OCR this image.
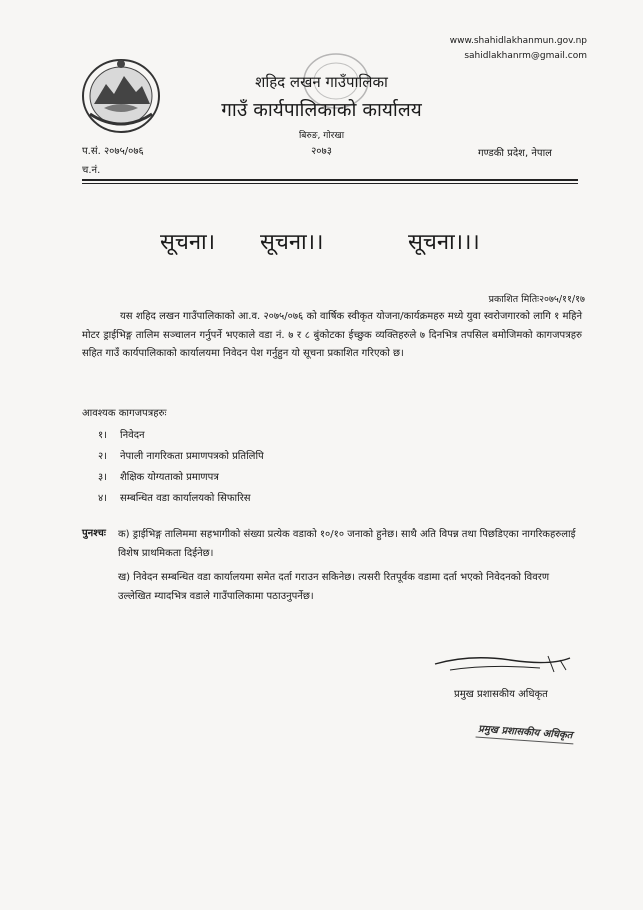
www.shahidlakhanmun.gov.np
sahidlakhanrm@gmail.com
शहिद लखन गाउँपालिका
गाउँ कार्यपालिकाको कार्यालय
बिरुङ, गोरखा
२०७३
प.सं. २०७५/०७६
च.नं.
गण्डकी प्रदेश, नेपाल
सूचना। सूचना।।	सूचना।।।
प्रकाशित मितिः२०७५/११/१७
यस शहिद लखन गाउँपालिकाको आ.व. २०७५/०७६ को वार्षिक स्वीकृत योजना/कार्यक्रमहरु मध्ये युवा स्वरोजगारको लागि १ महिने मोटर ड्राईभिङ्ग तालिम सञ्चालन गर्नुपर्ने भएकाले वडा नं. ७ र ८ बुंकोटका ईच्छुक व्यक्तिहरुले ७ दिनभित्र तपसिल बमोजिमको कागजपत्रहरु सहित गाउँ कार्यपालिकाको कार्यालयमा निवेदन पेश गर्नुहुन यो सूचना प्रकाशित गरिएको छ।
आवश्यक कागजपत्रहरुः
१। निवेदन
२। नेपाली नागरिकता प्रमाणपत्रको प्रतिलिपि
३। शैक्षिक योग्यताको प्रमाणपत्र
४। सम्बन्धित वडा कार्यालयको सिफारिस
पुनश्चः क) ड्राईभिङ्ग तालिममा सहभागीको संख्या प्रत्येक वडाको १०/१० जनाको हुनेछ। साथै अति विपन्न तथा पिछडिएका नागरिकहरुलाई विशेष प्राथमिकता दिईनेछ।
ख) निवेदन सम्बन्धित वडा कार्यालयमा समेत दर्ता गराउन सकिनेछ। त्यसरी रितपूर्वक वडामा दर्ता भएको निवेदनको विवरण उल्लेखित म्यादभित्र वडाले गाउँपालिकामा पठाउनुपर्नेछ।
प्रमुख प्रशासकीय अधिकृत
प्रमुख प्रशासकीय अधिकृत
